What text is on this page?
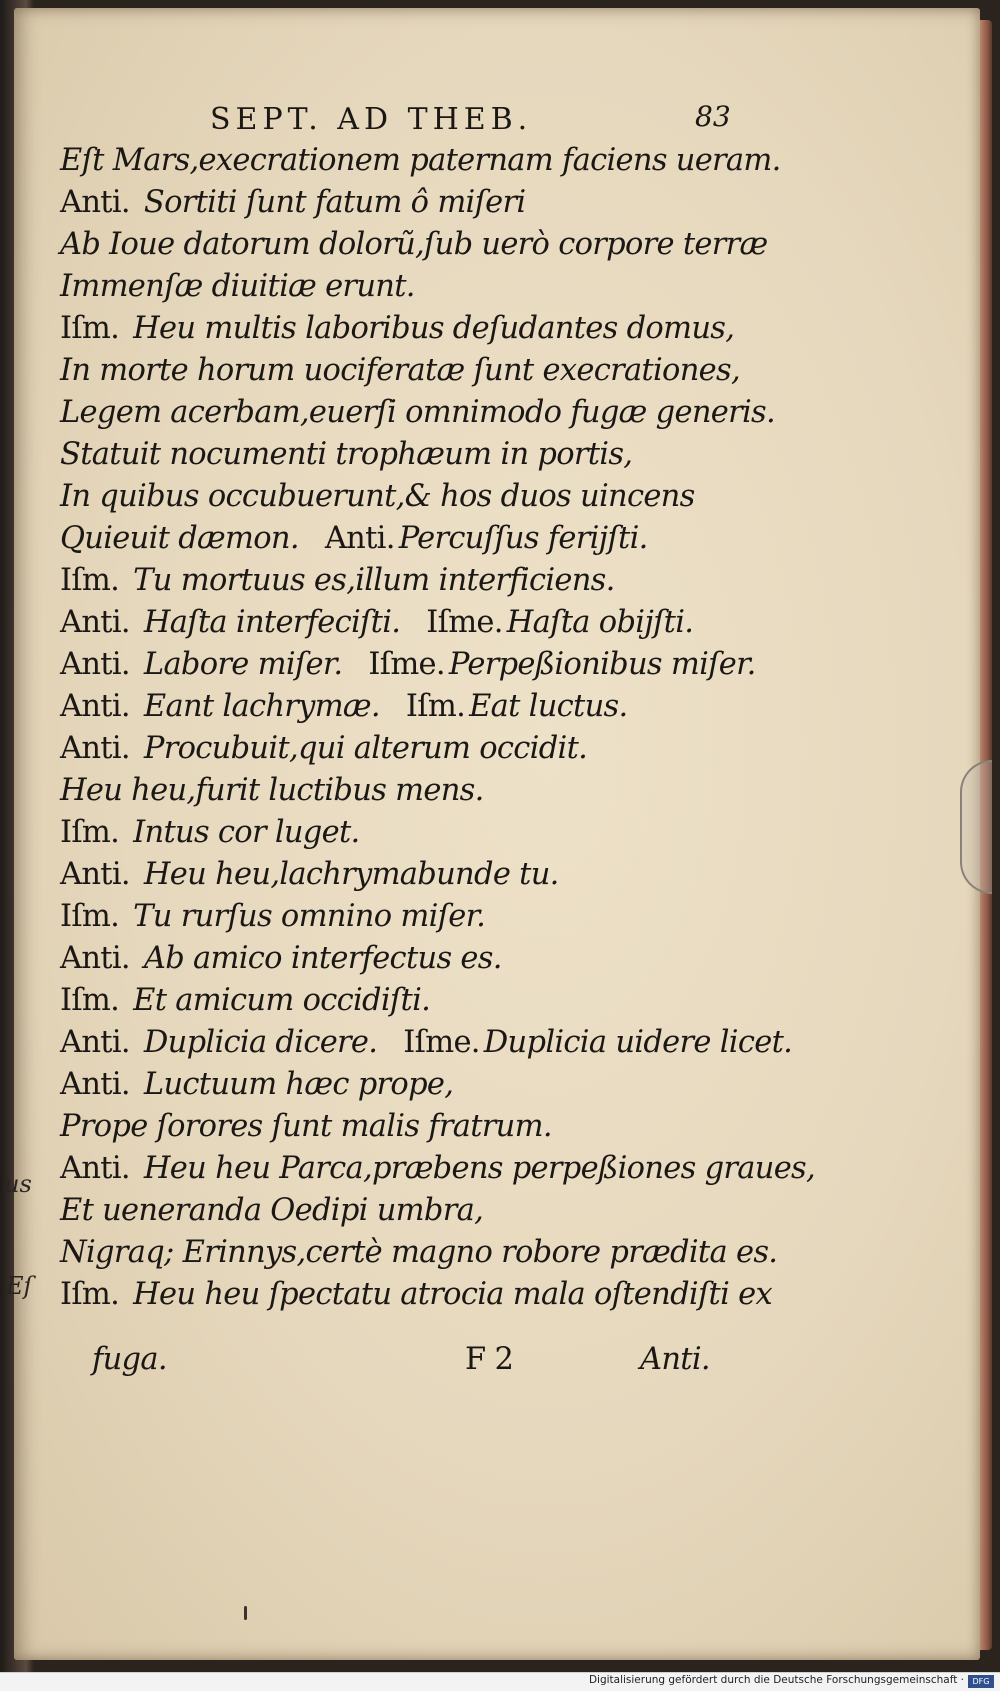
us
Eſ
SEPT. AD THEB.	83
Eſt Mars,execrationem paternam faciens ueram.
Anti. Sortiti ſunt fatum ô miſeri
Ab Ioue datorum dolorũ,ſub uerò corpore terræ
Immenſæ diuitiæ erunt.
Iſm. Heu multis laboribus deſudantes domus,
In morte horum uociferatæ ſunt execrationes,
Legem acerbam,euerſi omnimodo fugæ generis.
Statuit nocumenti trophæum in portis,
In quibus occubuerunt,& hos duos uincens
Quieuit dæmon. Anti. Percuſſus ferijſti.
Iſm. Tu mortuus es,illum interficiens.
Anti. Haſta interfeciſti. Iſme. Haſta obijſti.
Anti. Labore miſer. Iſme. Perpeßionibus miſer.
Anti. Eant lachrymæ. Iſm. Eat luctus.
Anti. Procubuit,qui alterum occidit.
Heu heu,furit luctibus mens.
Iſm. Intus cor luget.
Anti. Heu heu,lachrymabunde tu.
Iſm. Tu rurſus omnino miſer.
Anti. Ab amico interfectus es.
Iſm. Et amicum occidiſti.
Anti. Duplicia dicere. Iſme. Duplicia uidere licet.
Anti. Luctuum hæc prope,
Prope ſorores ſunt malis fratrum.
Anti. Heu heu Parca,præbens perpeßiones graues,
Et ueneranda Oedipi umbra,
Nigraq; Erinnys,certè magno robore prædita es.
Iſm. Heu heu ſpectatu atrocia mala oſtendiſti ex
fuga.	F 2	Anti.
Digitalisierung gefördert durch die Deutsche Forschungsgemeinschaft ·	DFG
